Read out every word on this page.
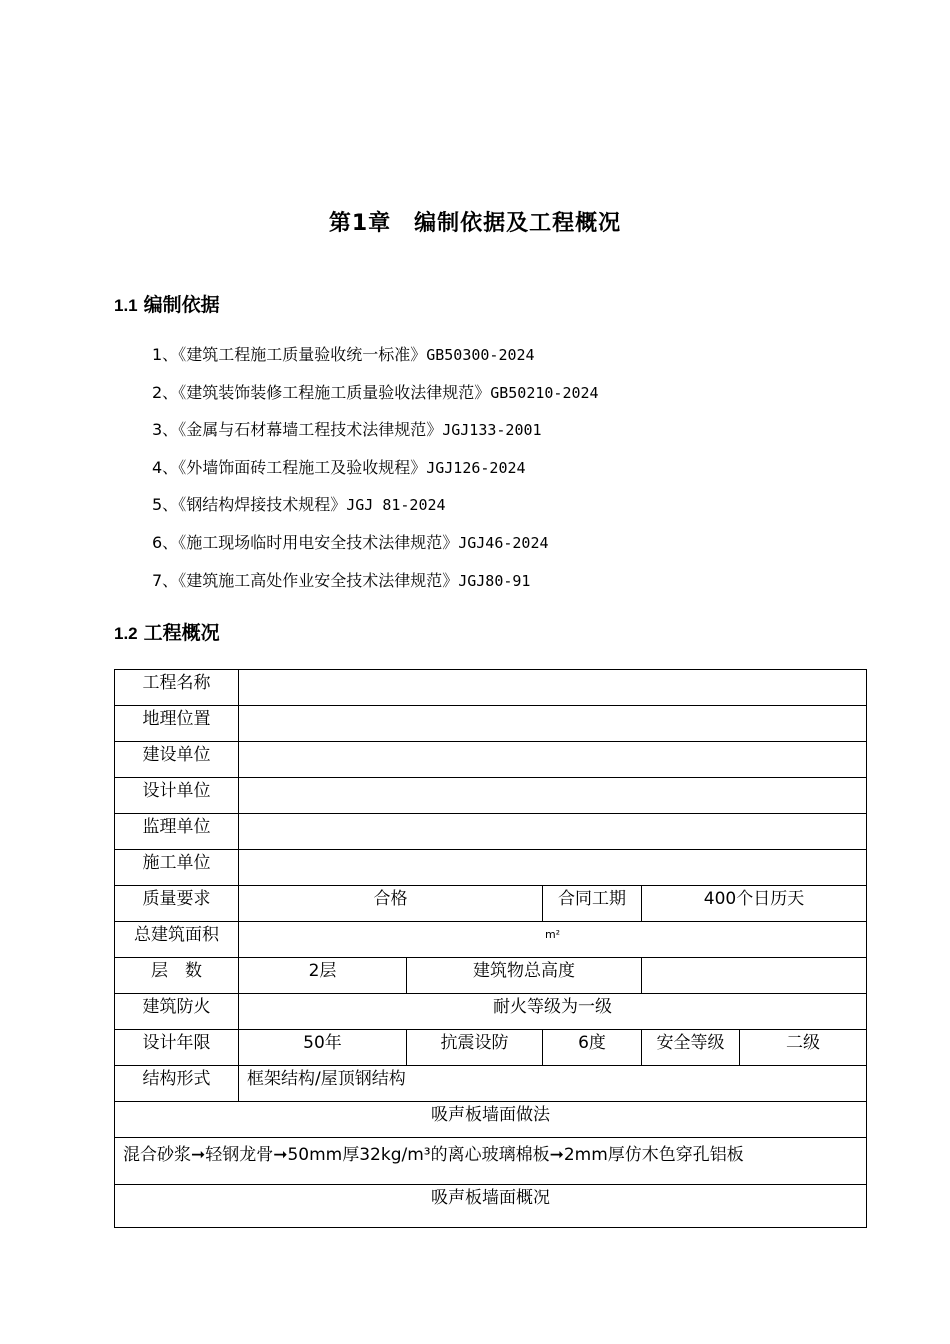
第1章　编制依据及工程概况
1.1 编制依据
1、《建筑工程施工质量验收统一标准》GB50300-2024
2、《建筑装饰装修工程施工质量验收法律规范》GB50210-2024
3、《金属与石材幕墙工程技术法律规范》JGJ133-2001
4、《外墙饰面砖工程施工及验收规程》JGJ126-2024
5、《钢结构焊接技术规程》JGJ 81-2024
6、《施工现场临时用电安全技术法律规范》JGJ46-2024
7、《建筑施工高处作业安全技术法律规范》JGJ80-91
1.2 工程概况
工程名称					
地理位置					
建设单位					
设计单位					
监理单位					
施工单位					
质量要求	合格		合同工期	400个日历天	
总建筑面积	$^{m^2}$
层　数	2层	建筑物总高度			
建筑防火	耐火等级为一级				
设计年限	50年	抗震设防	6度	安全等级	二级
结构形式	框架结构/屋顶钢结构				
吸声板墙面做法					
混合砂浆➞轻钢龙骨➞50mm厚32kg/m³的离心玻璃棉板➞2mm厚仿木色穿孔铝板					
吸声板墙面概况					
